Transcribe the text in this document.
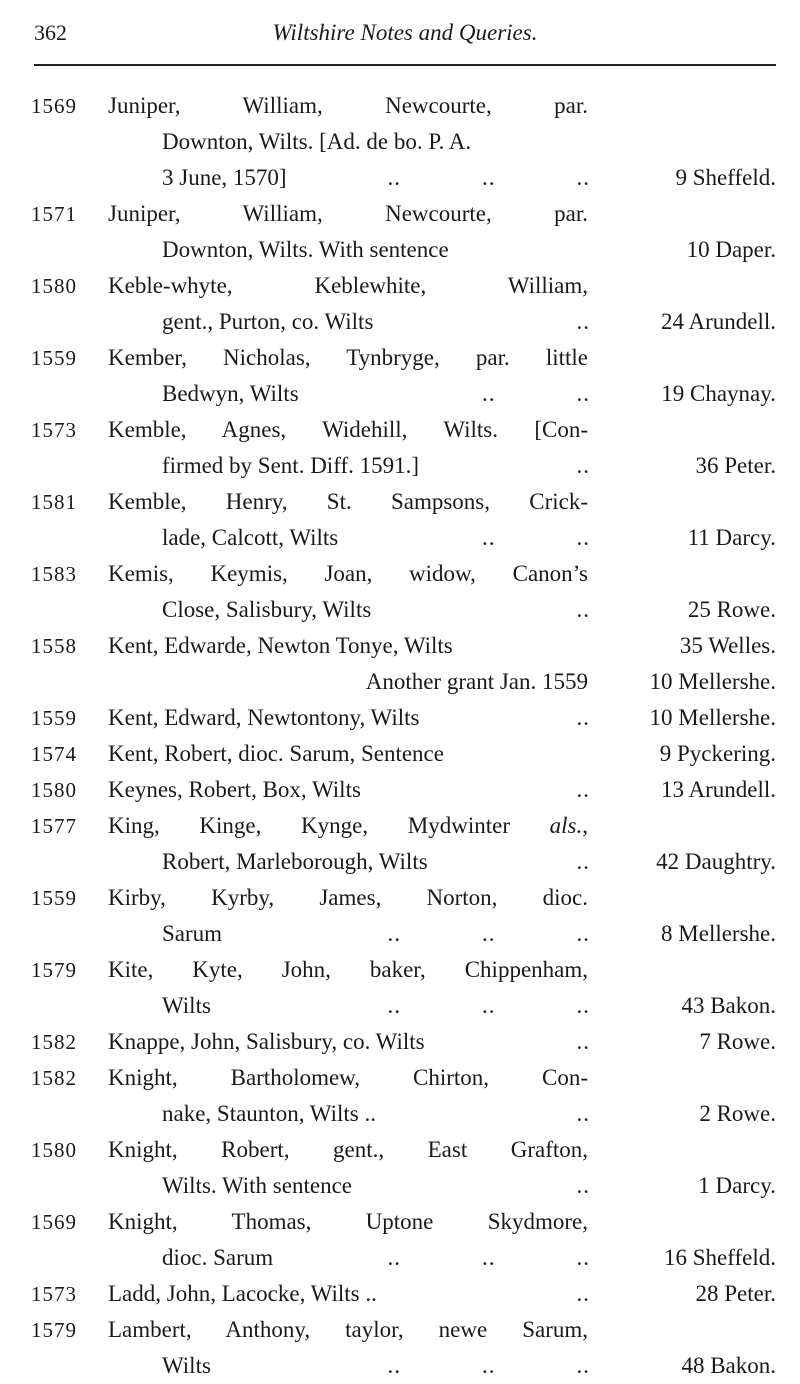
362	Wiltshire Notes and Queries.
1569 Juniper, William, Newcourte, par.
Downton, Wilts. [Ad. de bo. P. A.
3 June, 1570]	..            ..            ..	9 Sheffeld.
1571 Juniper, William, Newcourte, par.
Downton, Wilts. With sentence	10 Daper.
1580 Keble-whyte, Keblewhite, William,
gent., Purton, co. Wilts	..	24 Arundell.
1559 Kember, Nicholas, Tynbryge, par. little
Bedwyn, Wilts	..            ..	19 Chaynay.
1573 Kemble, Agnes, Widehill, Wilts. [Con-
firmed by Sent. Diff. 1591.]	..	36 Peter.
1581 Kemble, Henry, St. Sampsons, Crick-
lade, Calcott, Wilts	..            ..	11 Darcy.
1583 Kemis, Keymis, Joan, widow, Canon’s
Close, Salisbury, Wilts	..	25 Rowe.
1558 Kent, Edwarde, Newton Tonye, Wilts	35 Welles.
Another grant Jan. 1559	10 Mellershe.
1559 Kent, Edward, Newtontony, Wilts	..	10 Mellershe.
1574 Kent, Robert, dioc. Sarum, Sentence	9 Pyckering.
1580 Keynes, Robert, Box, Wilts	..	13 Arundell.
1577 King, Kinge, Kynge, Mydwinter als.,
Robert, Marleborough, Wilts	..	42 Daughtry.
1559 Kirby, Kyrby, James, Norton, dioc.
Sarum	..            ..            ..	8 Mellershe.
1579 Kite, Kyte, John, baker, Chippenham,
Wilts	..            ..            ..	43 Bakon.
1582 Knappe, John, Salisbury, co. Wilts	..	7 Rowe.
1582 Knight, Bartholomew, Chirton, Con-
nake, Staunton, Wilts ..	..	2 Rowe.
1580 Knight, Robert, gent., East Grafton,
Wilts. With sentence	..	1 Darcy.
1569 Knight, Thomas, Uptone Skydmore,
dioc. Sarum	..            ..            ..	16 Sheffeld.
1573 Ladd, John, Lacocke, Wilts ..	..	28 Peter.
1579 Lambert, Anthony, taylor, newe Sarum,
Wilts	..            ..            ..	48 Bakon.
